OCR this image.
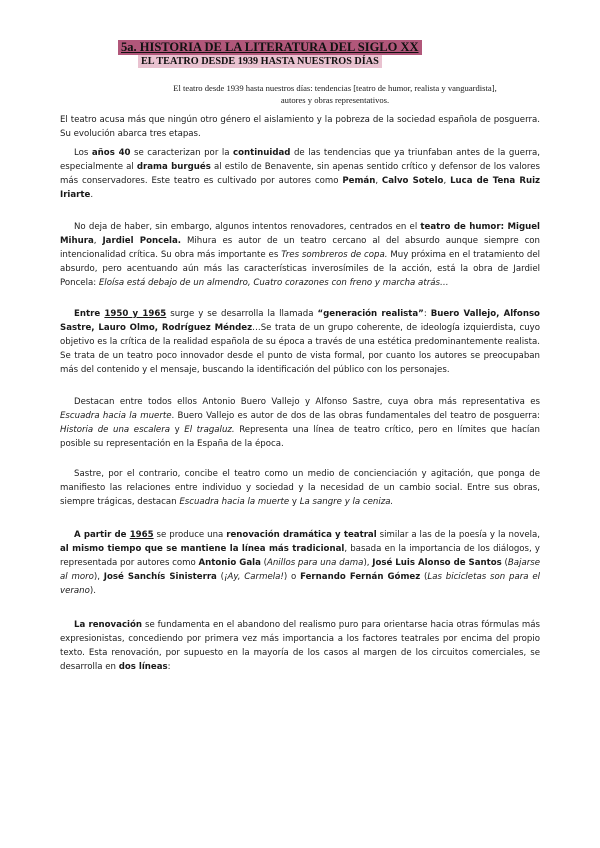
5a. HISTORIA DE LA LITERATURA DEL SIGLO XX
EL TEATRO DESDE 1939 HASTA NUESTROS DÍAS
El teatro desde 1939 hasta nuestros días: tendencias [teatro de humor, realista y vanguardista],
autores y obras representativos.

El teatro acusa más que ningún otro género el aislamiento y la pobreza de la sociedad española de posguerra. Su evolución abarca tres etapas.

Los años 40 se caracterizan por la continuidad de las tendencias que ya triunfaban antes de la guerra, especialmente al drama burgués al estilo de Benavente, sin apenas sentido crítico y defensor de los valores más conservadores. Este teatro es cultivado por autores como Pemán, Calvo Sotelo, Luca de Tena Ruiz Iriarte.

No deja de haber, sin embargo, algunos intentos renovadores, centrados en el teatro de humor: Miguel Mihura, Jardiel Poncela. Mihura es autor de un teatro cercano al del absurdo aunque siempre con intencionalidad crítica. Su obra más importante es Tres sombreros de copa. Muy próxima en el tratamiento del absurdo, pero acentuando aún más las características inverosímiles de la acción, está la obra de Jardiel Poncela: Eloísa está debajo de un almendro, Cuatro corazones con freno y marcha atrás…

Entre 1950 y 1965 surge y se desarrolla la llamada “generación realista”: Buero Vallejo, Alfonso Sastre, Lauro Olmo, Rodríguez Méndez…Se trata de un grupo coherente, de ideología izquierdista, cuyo objetivo es la crítica de la realidad española de su época a través de una estética predominantemente realista. Se trata de un teatro poco innovador desde el punto de vista formal, por cuanto los autores se preocupaban más del contenido y el mensaje, buscando la identificación del público con los personajes.

Destacan entre todos ellos Antonio Buero Vallejo y Alfonso Sastre, cuya obra más representativa es Escuadra hacia la muerte. Buero Vallejo es autor de dos de las obras fundamentales del teatro de posguerra: Historia de una escalera y El tragaluz. Representa una línea de teatro crítico, pero en límites que hacían posible su representación en la España de la época.

Sastre, por el contrario, concibe el teatro como un medio de concienciación y agitación, que ponga de manifiesto las relaciones entre individuo y sociedad y la necesidad de un cambio social. Entre sus obras, siempre trágicas, destacan Escuadra hacia la muerte y La sangre y la ceniza.

A partir de 1965 se produce una renovación dramática y teatral similar a las de la poesía y la novela, al mismo tiempo que se mantiene la línea más tradicional, basada en la importancia de los diálogos, y representada por autores como Antonio Gala (Anillos para una dama), José Luis Alonso de Santos (Bajarse al moro), José Sanchís Sinisterra (¡Ay, Carmela!) o Fernando Fernán Gómez (Las bicicletas son para el verano).

La renovación se fundamenta en el abandono del realismo puro para orientarse hacia otras fórmulas más expresionistas, concediendo por primera vez más importancia a los factores teatrales por encima del propio texto. Esta renovación, por supuesto en la mayoría de los casos al margen de los circuitos comerciales, se desarrolla en dos líneas:
